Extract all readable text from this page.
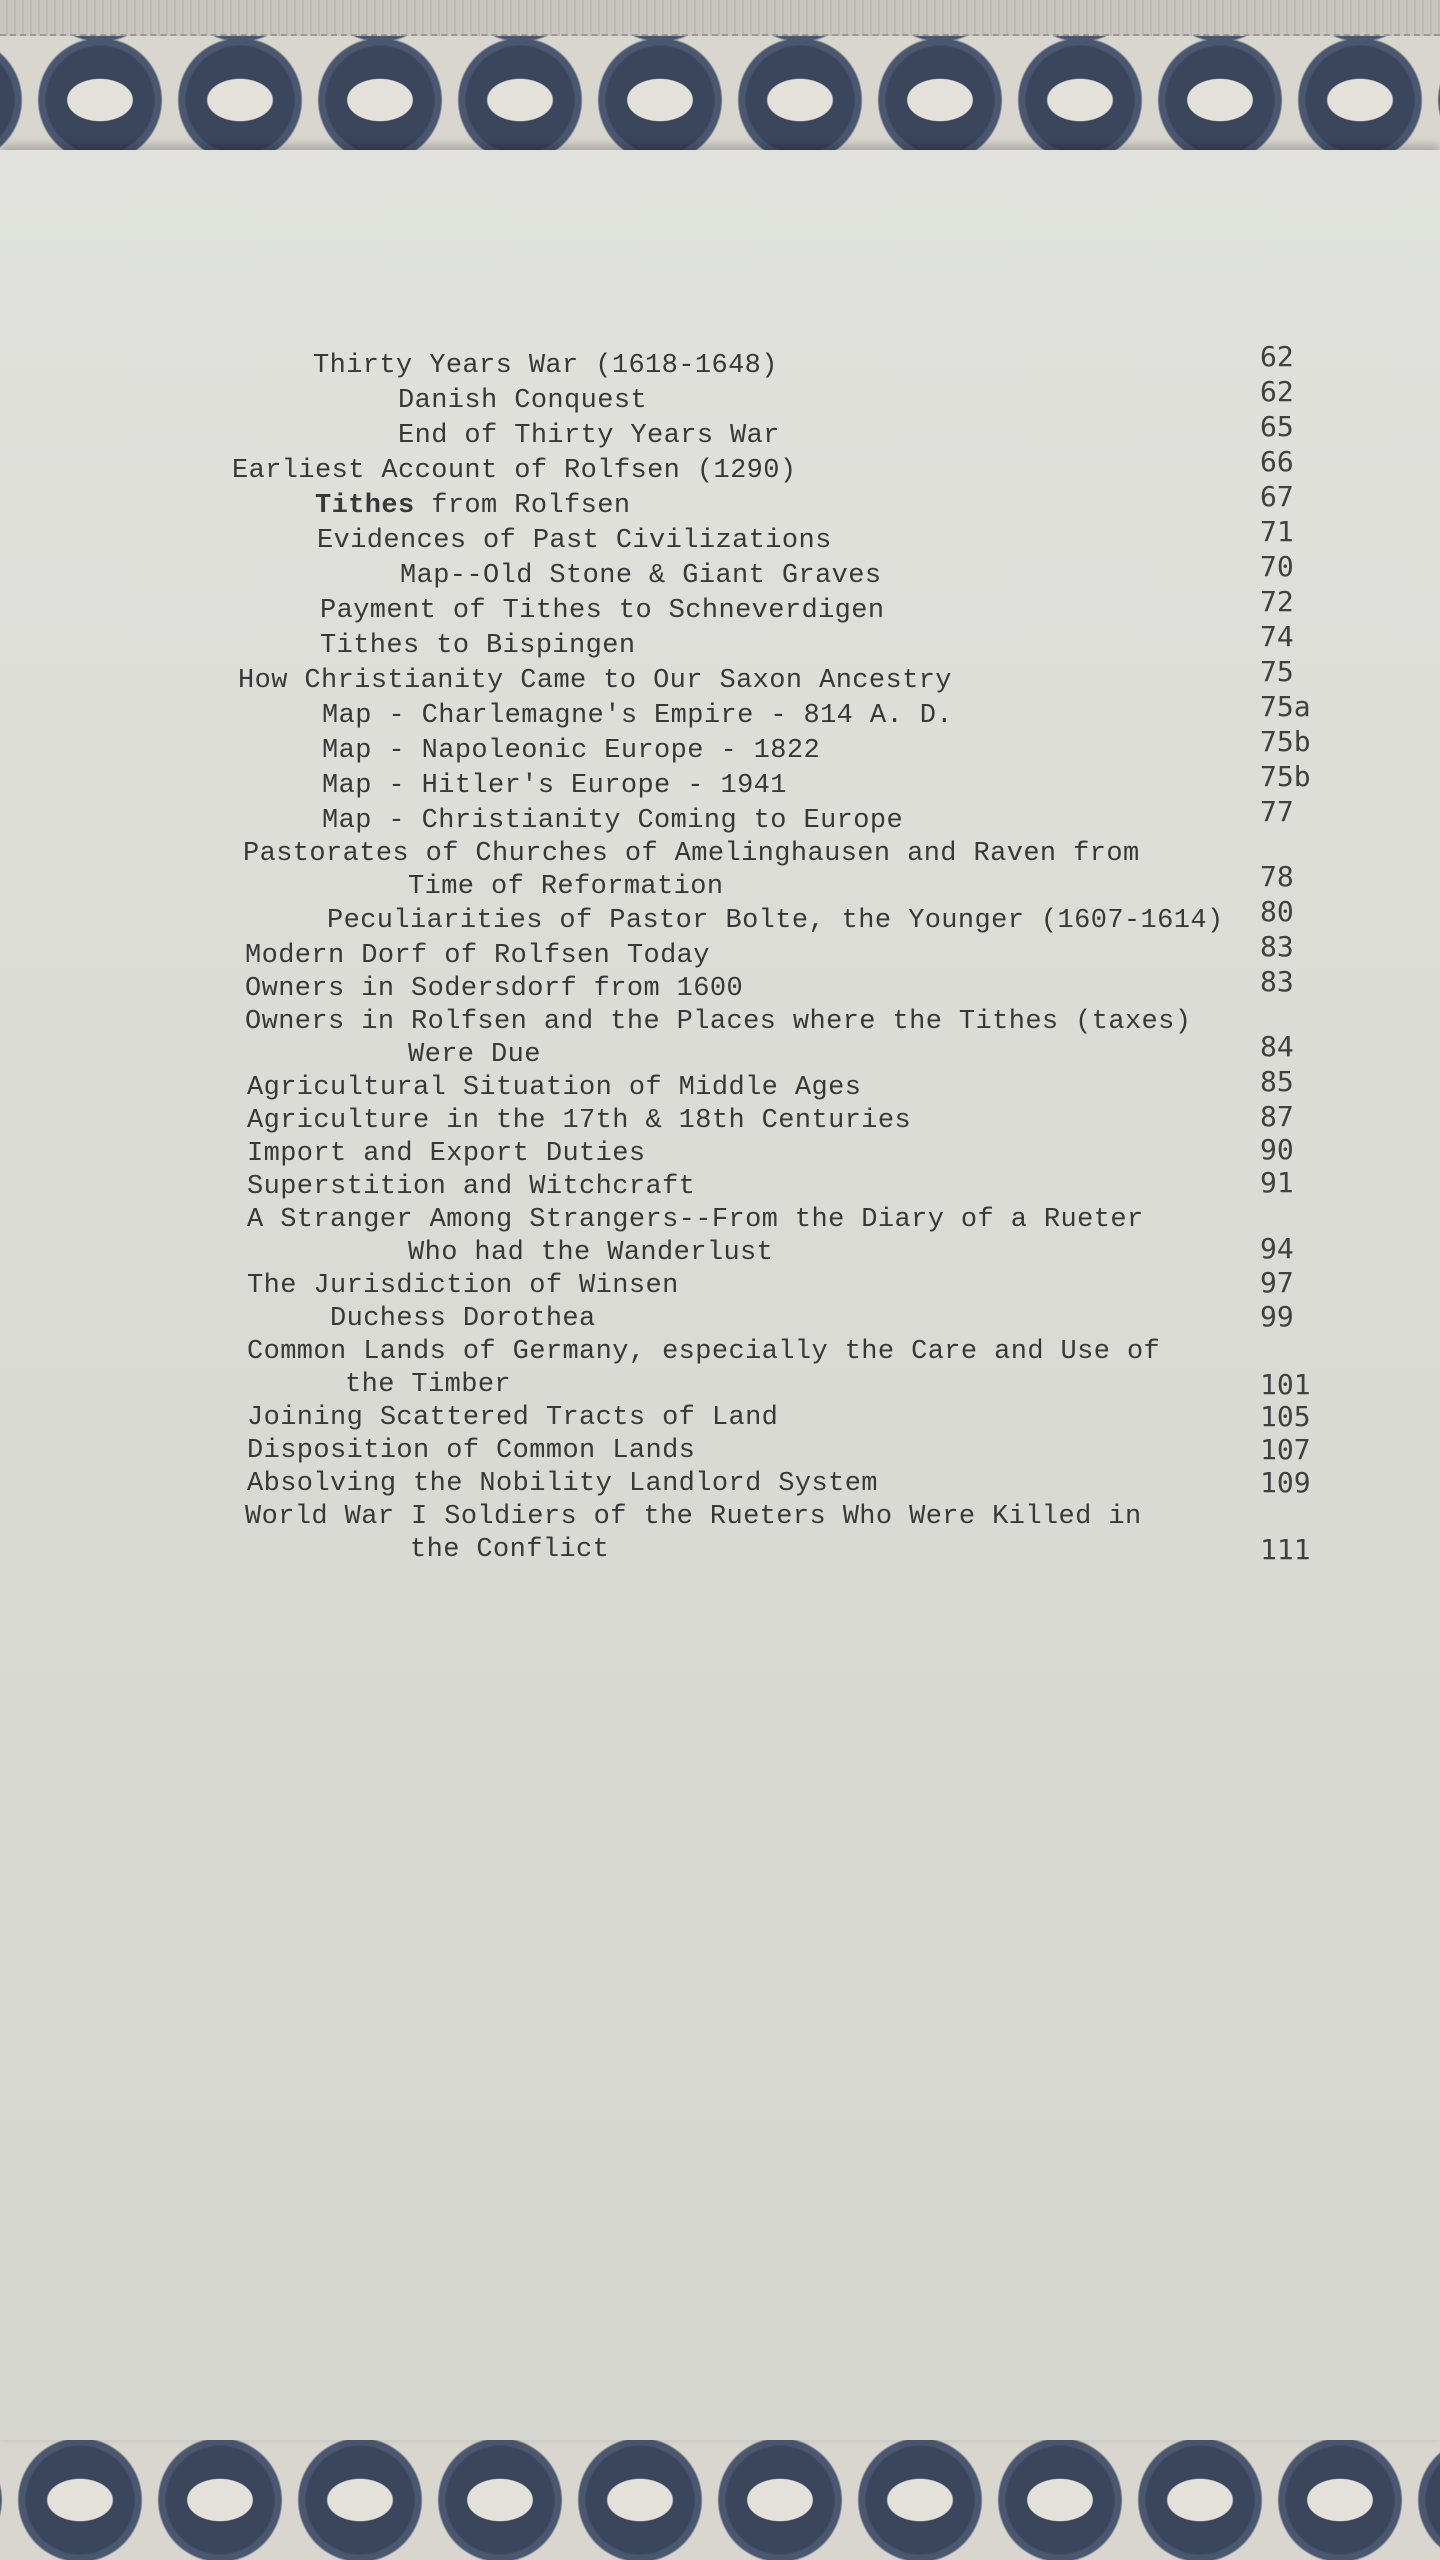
Thirty Years War (1618-1648)	62
Danish Conquest	62
End of Thirty Years War	65
Earliest Account of Rolfsen (1290)	66
Tithes from Rolfsen	67
Evidences of Past Civilizations	71
Map--Old Stone & Giant Graves	70
Payment of Tithes to Schneverdigen	72
Tithes to Bispingen	74
How Christianity Came to Our Saxon Ancestry	75
Map - Charlemagne's Empire - 814 A. D.	75a
Map - Napoleonic Europe - 1822	75b
Map - Hitler's Europe - 1941	75b
Map - Christianity Coming to Europe	77
Pastorates of Churches of Amelinghausen and Raven from
Time of Reformation	78
Peculiarities of Pastor Bolte, the Younger (1607-1614) 80
Modern Dorf of Rolfsen Today	83
Owners in Sodersdorf from 1600	83
Owners in Rolfsen and the Places where the Tithes (taxes)
Were Due	84
Agricultural Situation of Middle Ages	85
Agriculture in the 17th & 18th Centuries	87
Import and Export Duties	90
Superstition and Witchcraft	91
A Stranger Among Strangers--From the Diary of a Rueter
Who had the Wanderlust	94
The Jurisdiction of Winsen	97
Duchess Dorothea	99
Common Lands of Germany, especially the Care and Use of
the Timber	101
Joining Scattered Tracts of Land	105
Disposition of Common Lands	107
Absolving the Nobility Landlord System	109
World War I Soldiers of the Rueters Who Were Killed in
the Conflict	111
